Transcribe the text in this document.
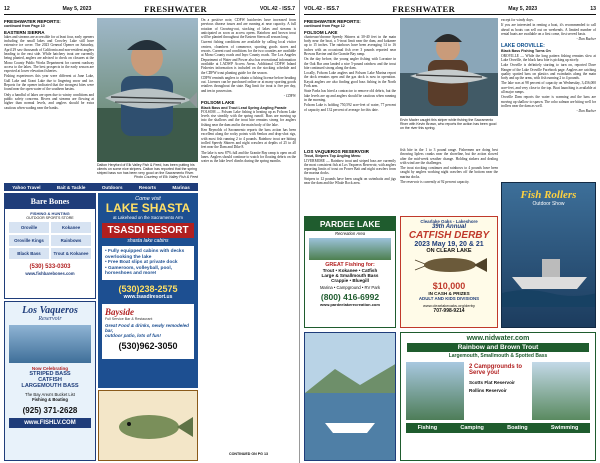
12	May 5, 2023	FRESHWATER	VOL.42 - ISS.7
FRESHWATER REPORTS:
continued from Page 10
EASTERN SIERRA
lakes and streams are accessible for at least four, early openers including the small lakes and Crowley Lake still have extensive ice cover. The 2023 General Opener on Saturday, April 29 saw thousands of California and non-resident anglers heading to the east side. While hatchery trout are currently being planted, anglers are advised to check on closures at the Mono County Public Works Department for current roadway access to the lakes. The best prospects in the early season are expected at lower elevation fisheries.
Fishing experiences this year were different at June Lake, Gull Lake and Grant Lake due to lingering snow and ice. Reports for the opener indicated that the strongest bites were found near the open water of the southern basins.
Only a handful of lakes are open due to wintry conditions and public safety concerns. Rivers and streams are flowing at higher than normal levels, and anglers should be extra cautious when wading near the banks.
Dalton Heryford of Elk Valley Fish & Feed, has been putting his clients on some nice stripers. Dalton has reported that the spring striped bass run has been very good on the Sacramento River.
Photo Courtesy of Elk Valley Fish & Feed
On a positive note, CDFW hatcheries have increased from previous disease issues and are running at near capacity. A full rotation of Growing-out, stocking of lakes and streams is anticipated as soon as access opens. Rainbow and brown trout will be planted throughout the Eastern Sierra all season long.
Current fishing conditions are available by calling local visitor centers, chambers of commerce, sporting goods stores and resorts. Current road conditions for the two counties are available at Mono County roads and Inyo County roads. The Los Angeles Department of Water and Power also has recreational information available at LADWP Access Areas. Additional CDFW Inland Fisheries information is included on the stocking schedule and the CDFW trout planting guide for the season.
CDFW reminds anglers to obtain a fishing license before heading out. Licenses can be purchased online or at many sporting goods retailers throughout the state. Bag limit for trout is five per day, and ten in possession.
- CDFW
FOLSOM LAKE
Black Bass and Trout Lead Spring Angling Parade
FOLSOM — Folsom Lake fishing is heating up as Folsom Lake levels rise steadily with the spring runoff. Bass are moving up into the shallows and the trout bite remains strong for anglers fishing near the dam and in the main body of the lake.
Ken Reynolds of Sacramento reports the bass action has been excellent along the rocky points with Senkos and drop-shot rigs, with most fish running 2 to 4 pounds. Rainbow trout are hitting trolled Speedy Shiners and night crawlers at depths of 25 to 40 feet near the Dam and Dike 8.
The lake is now 87% full and the Granite Bay ramp is open on all lanes. Anglers should continue to watch for floating debris on the water as the lake level climbs during the spring months.
CONTINUED ON PG 13
Yahoo Travel	Bait & Tackle	Outdoors	Resorts	Marinas
Bare Bones
FISHING & HUNTING
OUTDOOR SPORTS STORE
Oroville	Kokanee
Oroville Kings	Rainbows
Black Bass	Trout & Kokanee
(530) 533-0303
www.fishbarebones.com
Come visit
LAKE SHASTA
at Lakehead on the Sacramento Arm
TSASDI RESORT
shasta lake cabins
• Fully equipped cabins with decks overlooking the lake
• Free Boat slips at private dock
• Gameroom, volleyball, pool, horseshoes and more!
(530)238-2575
www.tsasdiresort.us
Bayside
Full Service Bar & Restaurant
Great Food & drinks, newly remodeled bar,
outdoor patio, lots of fun!
(530)962-3050
Los Vaqueros
Reservoir
Now Celebrating
STRIPED BASS
CATFISH
LARGEMOUTH BASS
The Bay Area's Bucket List
Fishing & Boating
(925) 371-2628
www.FISHLV.COM
VOL.42 - ISS.7	FRESHWATER	May 5, 2023	13
FRESHWATER REPORTS:
continued from Page 12
FOLSOM LAKE
chartreuse/chrome Speedy Shiners at 30-40 feet in the main body near the boat, a 5-trout limit near the dam, and kokanee up to 15 inches. The rainbows have been averaging 14 to 16 inches with an occasional fish over 3 pounds reported near Browns Ravine and the Granite Bay ramp.
On the day before, the young angler fishing with Lorraine in the Oak Bar area landed a nice 5-pound rainbow and the trout bite continued strong along the dam.
Locally, Folsom Lake anglers and Folsom Lake Marina report the dock remains open and the gas dock is now in operation. Kayak anglers are also finding good bass fishing in the North Fork arm.
State Parks has hired a contractor to remove old debris, but the lake levels are up and anglers should be cautious when running in the morning.
Folsom Lake is holding 750,592 acre-feet of water, 77 percent of capacity and 132 percent of average for this date.
Ervin Mader caught this striper while fishing the Sacramento River with Kevin Brown, who reports the action has been good on the river this spring.
except for windy days.
If you are interested in renting a boat, it's recommended to call ahead as boats can sell out on weekends. A limited number of rental boats are available on a first come, first served basis.
- Dan Bacher
LAKE OROVILLE:
Black Bass Fishing Turns On
OROVILLE — While the long pattern fishing remains slow at Lake Oroville, the black bass bite is picking up nicely.
Lake Oroville is definitely starting to turn on, reported Dave Hanger of the Lake Oroville Facebook page. Anglers are catching quality spotted bass on plastics and swimbaits along the main body and up the arms, with fish running 2 to 4 pounds.
The lake was at 98 percent of capacity on Wednesday, 3,456,000 acre-feet, and very close to the top. Boat launching is available at all major ramps.
Oroville Dam reports the water is warming and the bass are moving up shallow to spawn. The coho salmon are biting well for trollers near the dam as well.
- Dan Bacher
LOS VAQUEROS RESERVOIR
Trout, Stripers Top Angling Menu
LIVERMORE — Rainbow trout and striped bass are currently the most consistent fish at Los Vaqueros Reservoir, with anglers reporting limits of trout on Power Bait and night crawlers from the marina docks.
Stripers to 12 pounds have been caught on swimbaits and jigs near the dam and the Whale Rock area.
fish bite in the 1 to 3 pound range. Fishermen are doing best throwing lipless cranks near the shoreline, but the action slowed after the mid-week weather change. Holding sinkers and dealing with wind are the challenges.
The trout stocking continues and rainbows to 4 pounds have been caught by anglers working night crawlers off the bottom near the marina docks.
The reservoir is currently at 92 percent capacity.
PARDEE LAKE
Recreation Area
GREAT Fishing for:
Trout • Kokanee • Catfish
Large & Smallmouth Bass
Crappie • Bluegill
Marina • Campground • RV Park
(800) 416-6992
www.pardeelakerecreation.com
Clearlake Oaks - Lakeshore
39th Annual
CATFISH DERBY
2023 May 19, 20 & 21
ON CLEAR LAKE
$10,000
IN CASH & PRIZES
ADULT AND KIDS DIVISIONS
www.clearlakeoaks.org/derby
707-998-9214
Fish Rollers
Outdoor Show
www.nidwater.com
Rainbow and Brown Trout
Largemouth, Smallmouth & Spotted Bass
2 Campgrounds to Serve you!
Scotts Flat Reservoir
Rollins Reservoir
Fishing	Camping	Boating	Swimming
